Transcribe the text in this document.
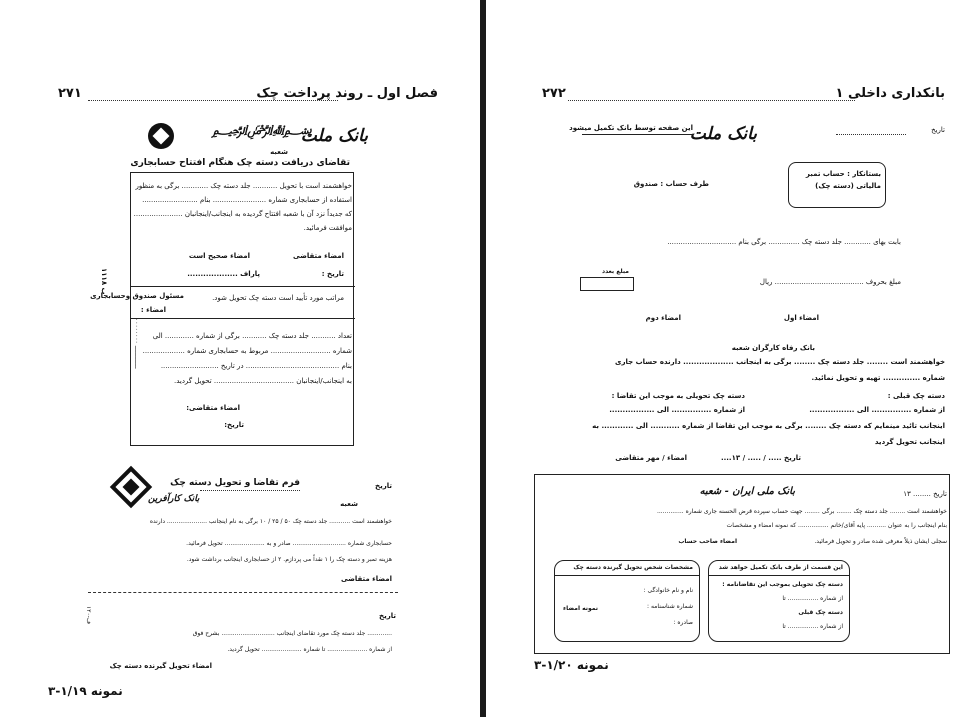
فصل اول ـ روند پرداخت چک
۲۷۱
﷽
بانک ملت
شعبه
تقاضای دریافت دسته چک هنگام افتتاح حسابجاری
خواهشمند است با تحویل ........... جلد دسته چک ............ برگی به منظور
استفاده از حسابجاری شماره ........................ بنام .........................
که جدیداً نزد آن با شعبه افتتاح گردیده به اینجانب/اینجانبان ......................
موافقت فرمائید.
امضاء متقاضی
امضاء صحیح است
تاریخ :
پاراف ...................
مراتب مورد تأیید است دسته چک تحویل شود.
مسئول صندوق وحسابجاری
امضاء :
تعداد ........... جلد دسته چک ........... برگی از شماره ............. الی
شماره ........................... مربوط به حسابجاری شماره ...................
بنام .......................................... در تاریخ ..........................
به اینجانب/اینجانبان .................................... تحویل گردید.
امضاء متقاضی:
تاریخ:
ب ۱۱۱۸
ـــــــــــــ ۰۰۰۰۰۰۰۰
بانک کارآفرین
فرم تقاضا و تحویل دسته چک	تاریخ
شعبه
خواهشمند است ........... جلد دسته چک ۵۰ / ۲۵ / ۱۰ برگی به نام اینجانب ..................... دارنده
حسابجاری شماره ............................ صادر و به ..................... تحویل فرمائید.
هزینه تمبر و دسته چک را ۱ نقداً می پردازم. ۲ از حسابجاری اینجانب برداشت شود.
امضاء متقاضی
تاریخ
............. جلد دسته چک مورد تقاضای اینجانب ............................ بشرح فوق
از شماره ..................... تا شماره ..................... تحویل گردید.
امضاء تحویل گیرنده دسته چک
۱۲۰-ف
نمونه ۱/۱۹-۳
بانکداری داخلی ۱
۲۷۲
تاریخ
بانک ملت
این صفحه توسط بانک تکمیل میشود
بستانکار : حساب تمبر مالیاتی (دسته چک)
طرف حساب : صندوق
بابت بهای ............ جلد دسته چک .............. برگی بنام ...............................
مبلغ بحروف ........................................ ریال
مبلغ بعدد
امضاء اول
امضاء دوم
بانک رفاه کارگران شعبه
خواهشمند است ........ جلد دسته چک ........ برگی به اینجانب ................... دارنده حساب جاری
شماره .............. تهیه و تحویل نمائید.
دسته چک قبلی :
دسته چک تحویلی به موجب این تقاضا :
از شماره ............... الی .................
از شماره ............... الی .................
اینجانب تائید مینمایم که دسته چک ........ برگی به موجب این تقاضا از شماره ........... الی ............ به
اینجانب تحویل گردید
تاریخ ..... / ..... / ۱۳....
امضاء / مهر متقاضی
تاریخ ........ ۱۳
بانک ملی ایران - شعبه
خواهشمند است ........ جلد دسته چک ........ برگی ........ جهت حساب سپرده قرض الحسنه جاری شماره ..............
بنام اینجانب را به عنوان .......... پایه آقای/خانم ................ که نمونه امضاء و مشخصات
سجلی ایشان ذیلاً معرفی شده صادر و تحویل فرمائید.
امضاء صاحب حساب
این قسمت از طرف بانک تکمیل خواهد شد
دسته چک تحویلی بموجب این تقاضانامه :
از شماره ................ تا
دسته چک قبلی
از شماره ................ تا
مشخصات شخص تحویل گیرنده دسته چک
نام و نام خانوادگی :
شماره شناسنامه :
صادره :
نمونه امضاء
نمونه ۱/۲۰-۳
